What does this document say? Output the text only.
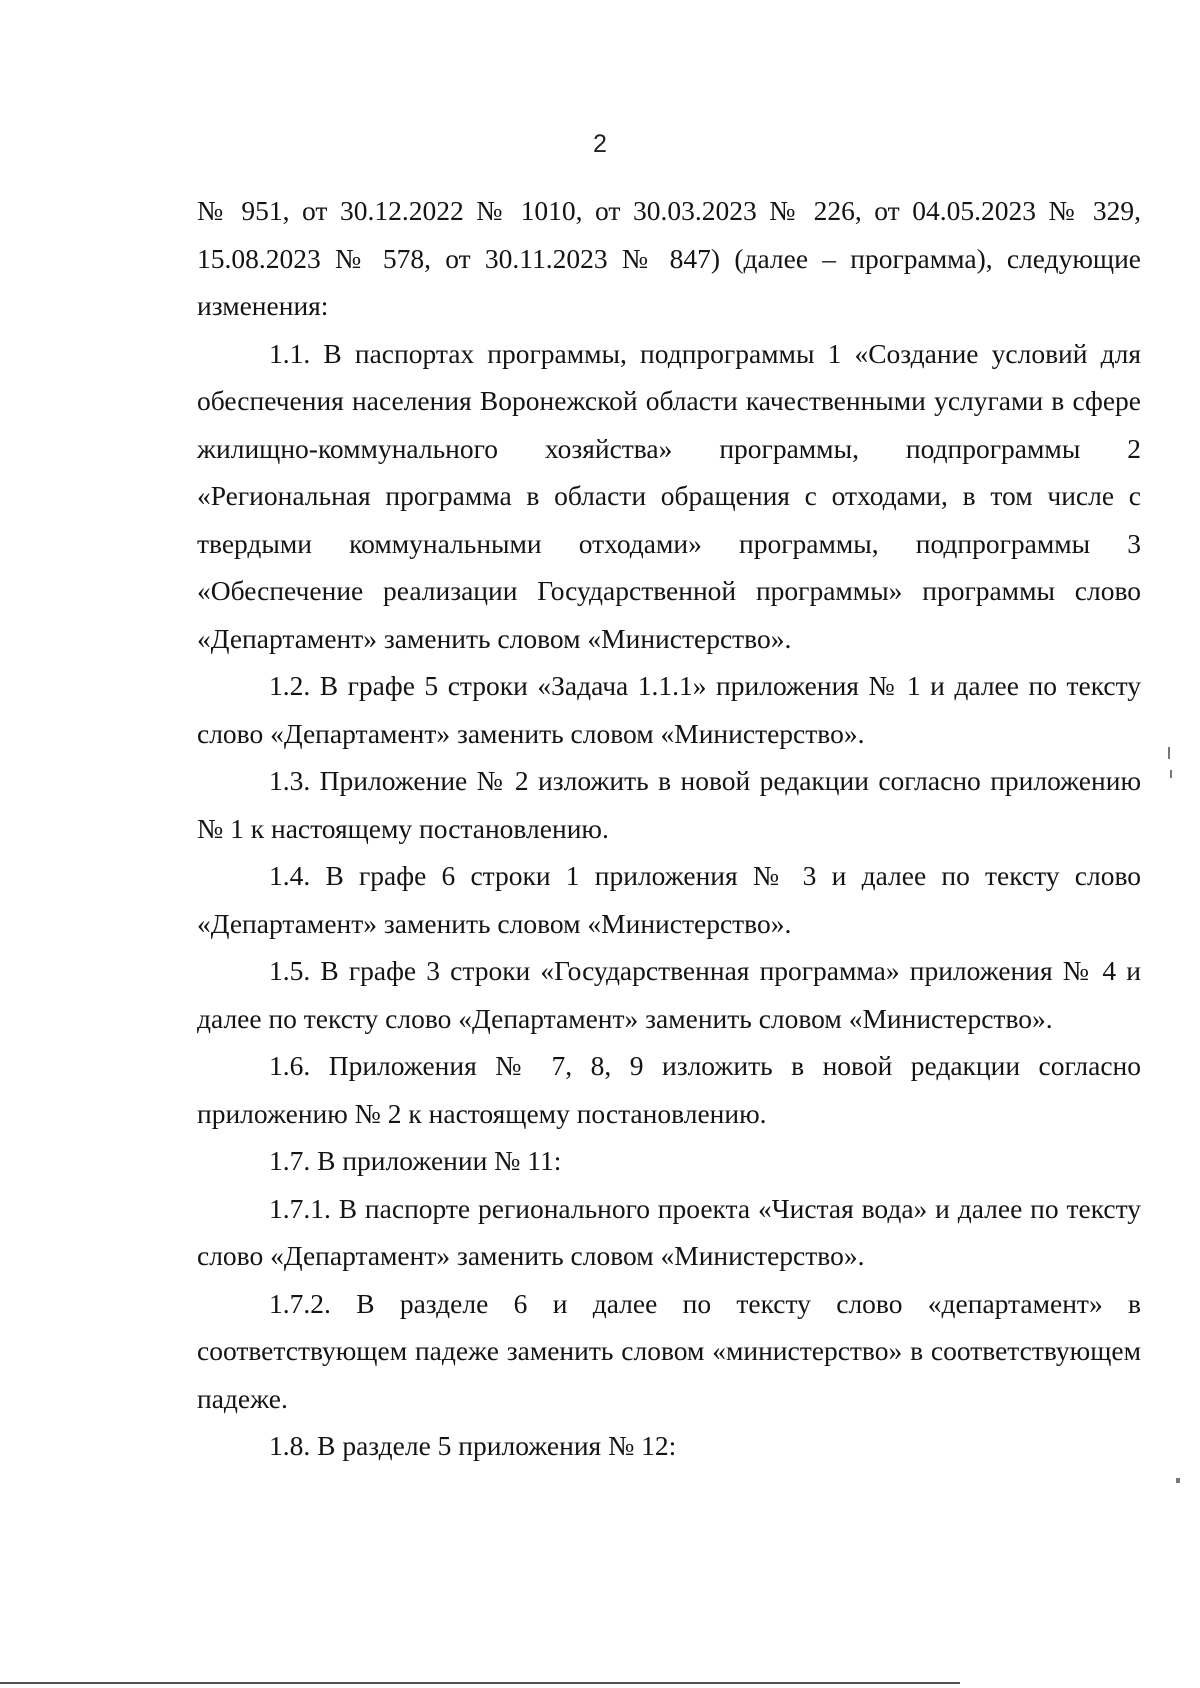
2

№ 951, от 30.12.2022 № 1010, от 30.03.2023 № 226, от 04.05.2023 № 329, 15.08.2023 № 578, от 30.11.2023 № 847) (далее – программа), следующие изменения:

1.1. В паспортах программы, подпрограммы 1 «Создание условий для обеспечения населения Воронежской области качественными услугами в сфере жилищно-коммунального хозяйства» программы, подпрограммы 2 «Региональная программа в области обращения с отходами, в том числе с твердыми коммунальными отходами» программы, подпрограммы 3 «Обеспечение реализации Государственной программы» программы слово «Департамент» заменить словом «Министерство».

1.2. В графе 5 строки «Задача 1.1.1» приложения № 1 и далее по тексту слово «Департамент» заменить словом «Министерство».

1.3. Приложение № 2 изложить в новой редакции согласно приложению № 1 к настоящему постановлению.

1.4. В графе 6 строки 1 приложения № 3 и далее по тексту слово «Департамент» заменить словом «Министерство».

1.5. В графе 3 строки «Государственная программа» приложения № 4 и далее по тексту слово «Департамент» заменить словом «Министерство».

1.6. Приложения № 7, 8, 9 изложить в новой редакции согласно приложению № 2 к настоящему постановлению.

1.7. В приложении № 11:

1.7.1. В паспорте регионального проекта «Чистая вода» и далее по тексту слово «Департамент» заменить словом «Министерство».

1.7.2. В разделе 6 и далее по тексту слово «департамент» в соответствующем падеже заменить словом «министерство» в соответствующем падеже.

1.8. В разделе 5 приложения № 12:
